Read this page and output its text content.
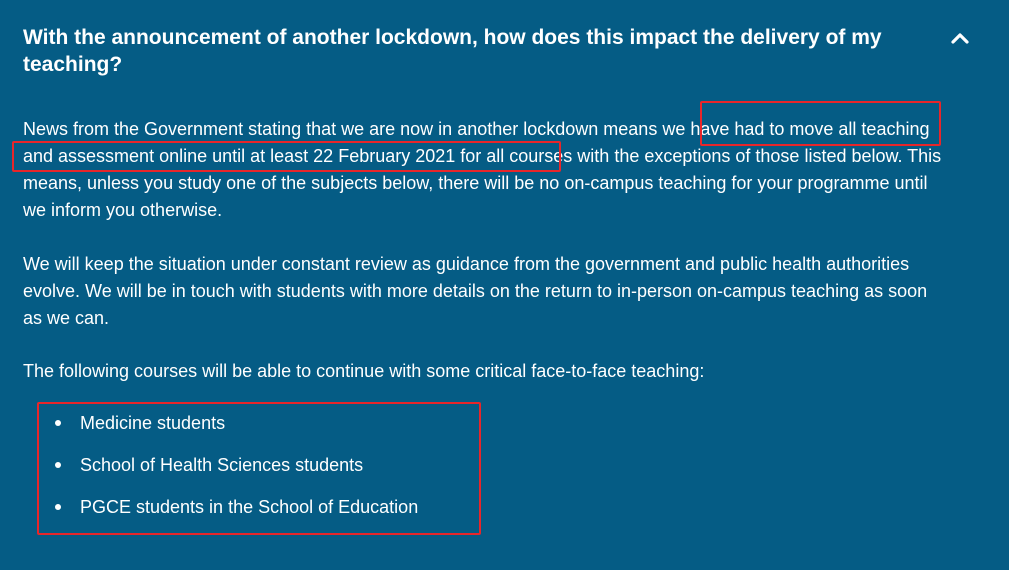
With the announcement of another lockdown, how does this impact the delivery of my teaching?
News from the Government stating that we are now in another lockdown means we have had to move all teaching and assessment online until at least 22 February 2021 for all courses with the exceptions of those listed below. This means, unless you study one of the subjects below, there will be no on-campus teaching for your programme until we inform you otherwise.
We will keep the situation under constant review as guidance from the government and public health authorities evolve. We will be in touch with students with more details on the return to in-person on-campus teaching as soon as we can.
The following courses will be able to continue with some critical face-to-face teaching:
Medicine students
School of Health Sciences students
PGCE students in the School of Education
